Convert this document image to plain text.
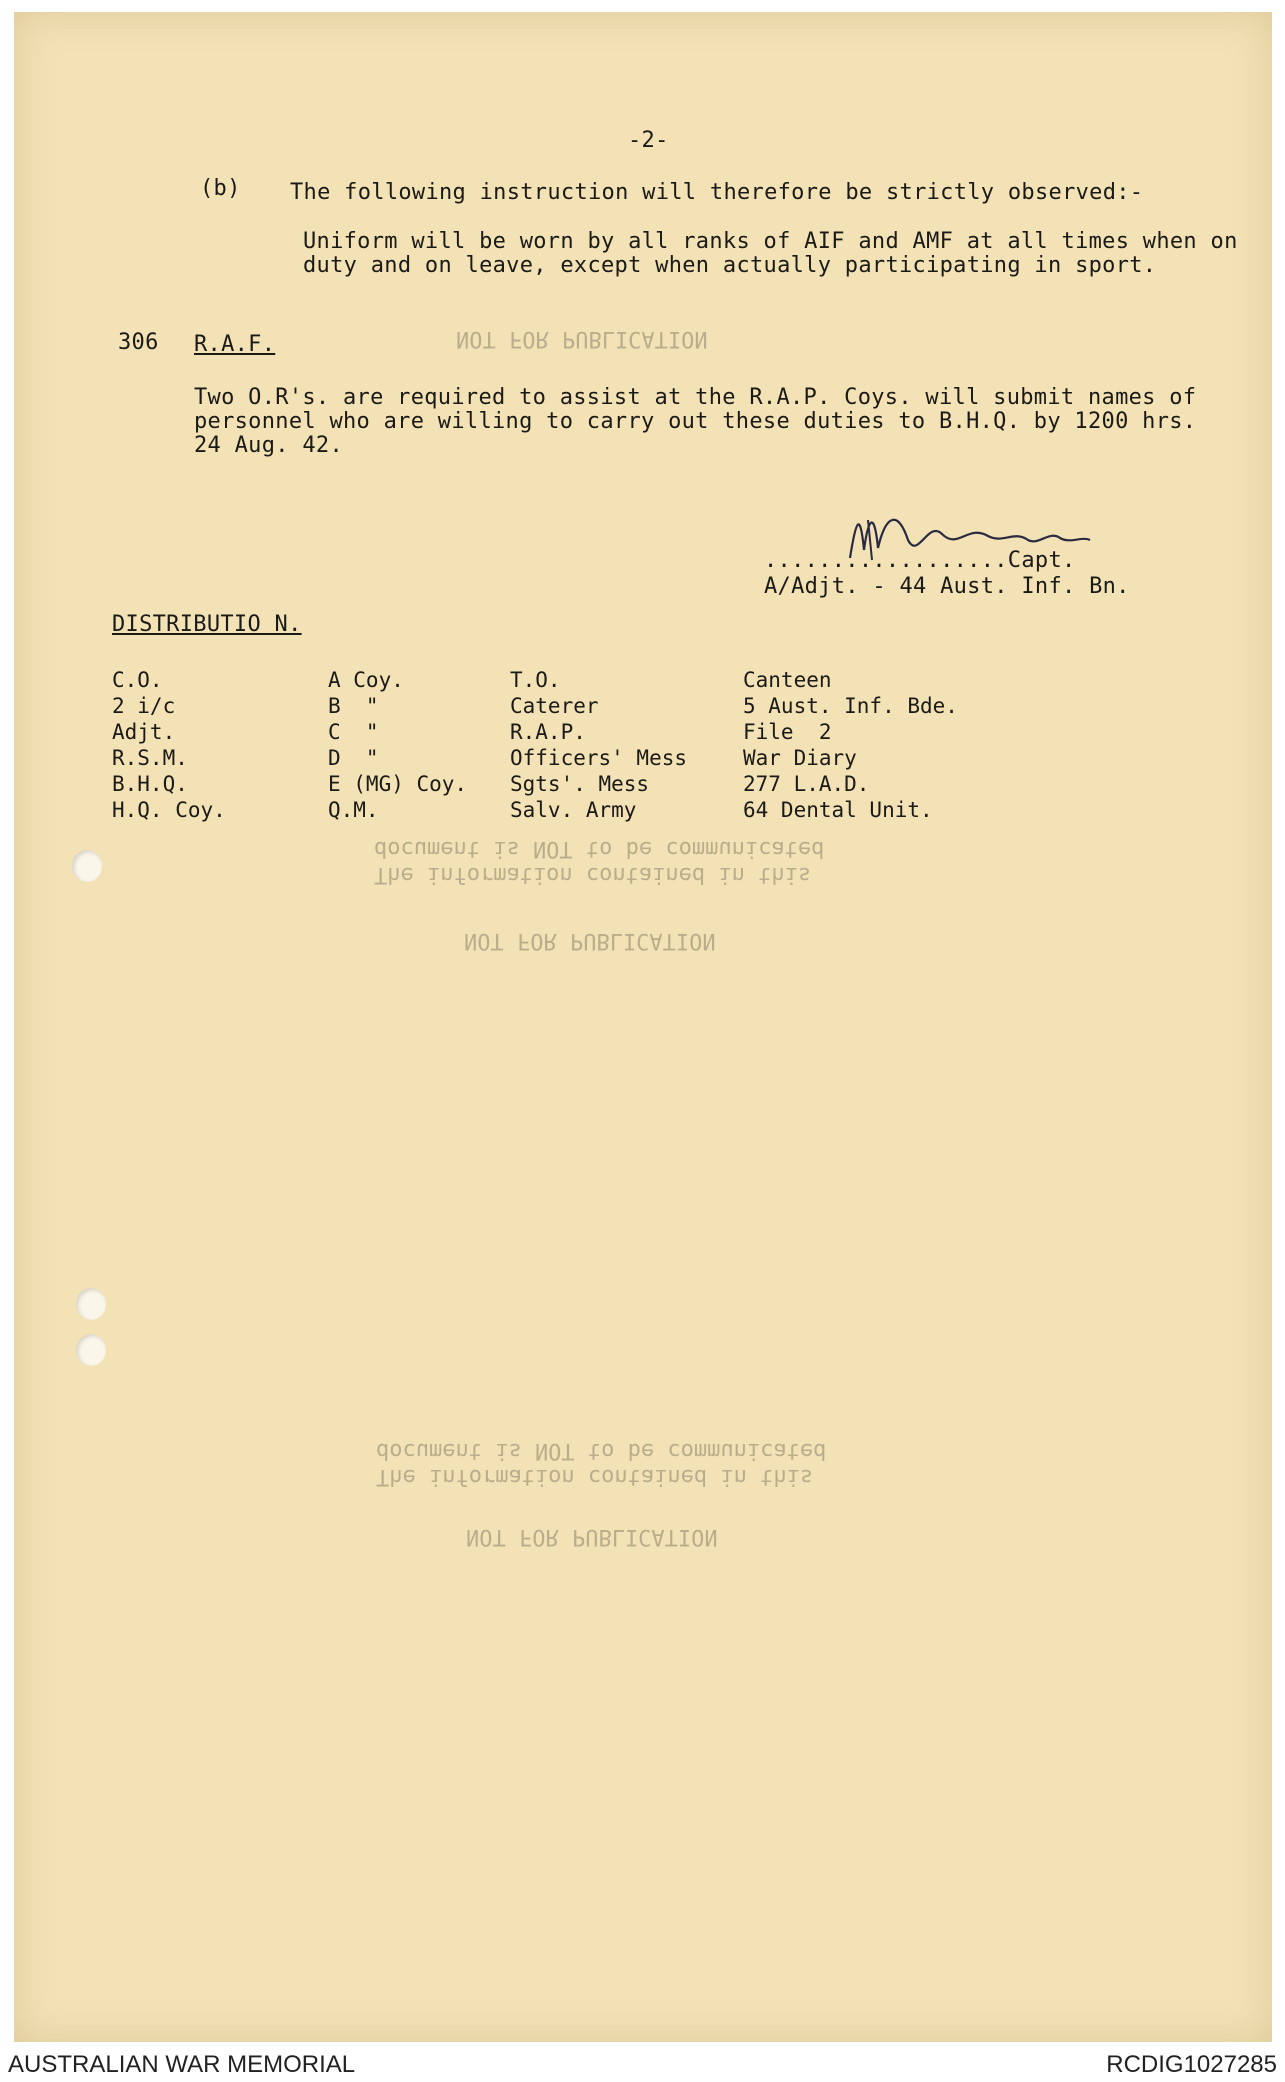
-2-
(b) The following instruction will therefore be strictly observed:-
Uniform will be worn by all ranks of AIF and AMF at all times when on duty and on leave, except when actually participating in sport.
306 R.A.F.
Two O.R's. are required to assist at the R.A.P. Coys. will submit names of personnel who are willing to carry out these duties to B.H.Q. by 1200 hrs. 24 Aug. 42.
NOT FOR PUBLICATION
..................Capt.
A/Adjt. - 44 Aust. Inf. Bn.
DISTRIBUTIO N.
C.O.	A Coy.	T.O.	Canteen
2 i/c	B  "	Caterer	5 Aust. Inf. Bde.
Adjt.	C  "	R.A.P.	File  2
R.S.M.	D  "	Officers' Mess	War Diary
B.H.Q.	E (MG) Coy.	Sgts'. Mess	277 L.A.D.
H.Q. Coy.	Q.M.	Salv. Army	64 Dental Unit.
document is NOT to be communicated
The information contained in this
NOT FOR PUBLICATION
document is NOT to be communicated
The information contained in this
NOT FOR PUBLICATION
AUSTRALIAN WAR MEMORIAL	RCDIG1027285
